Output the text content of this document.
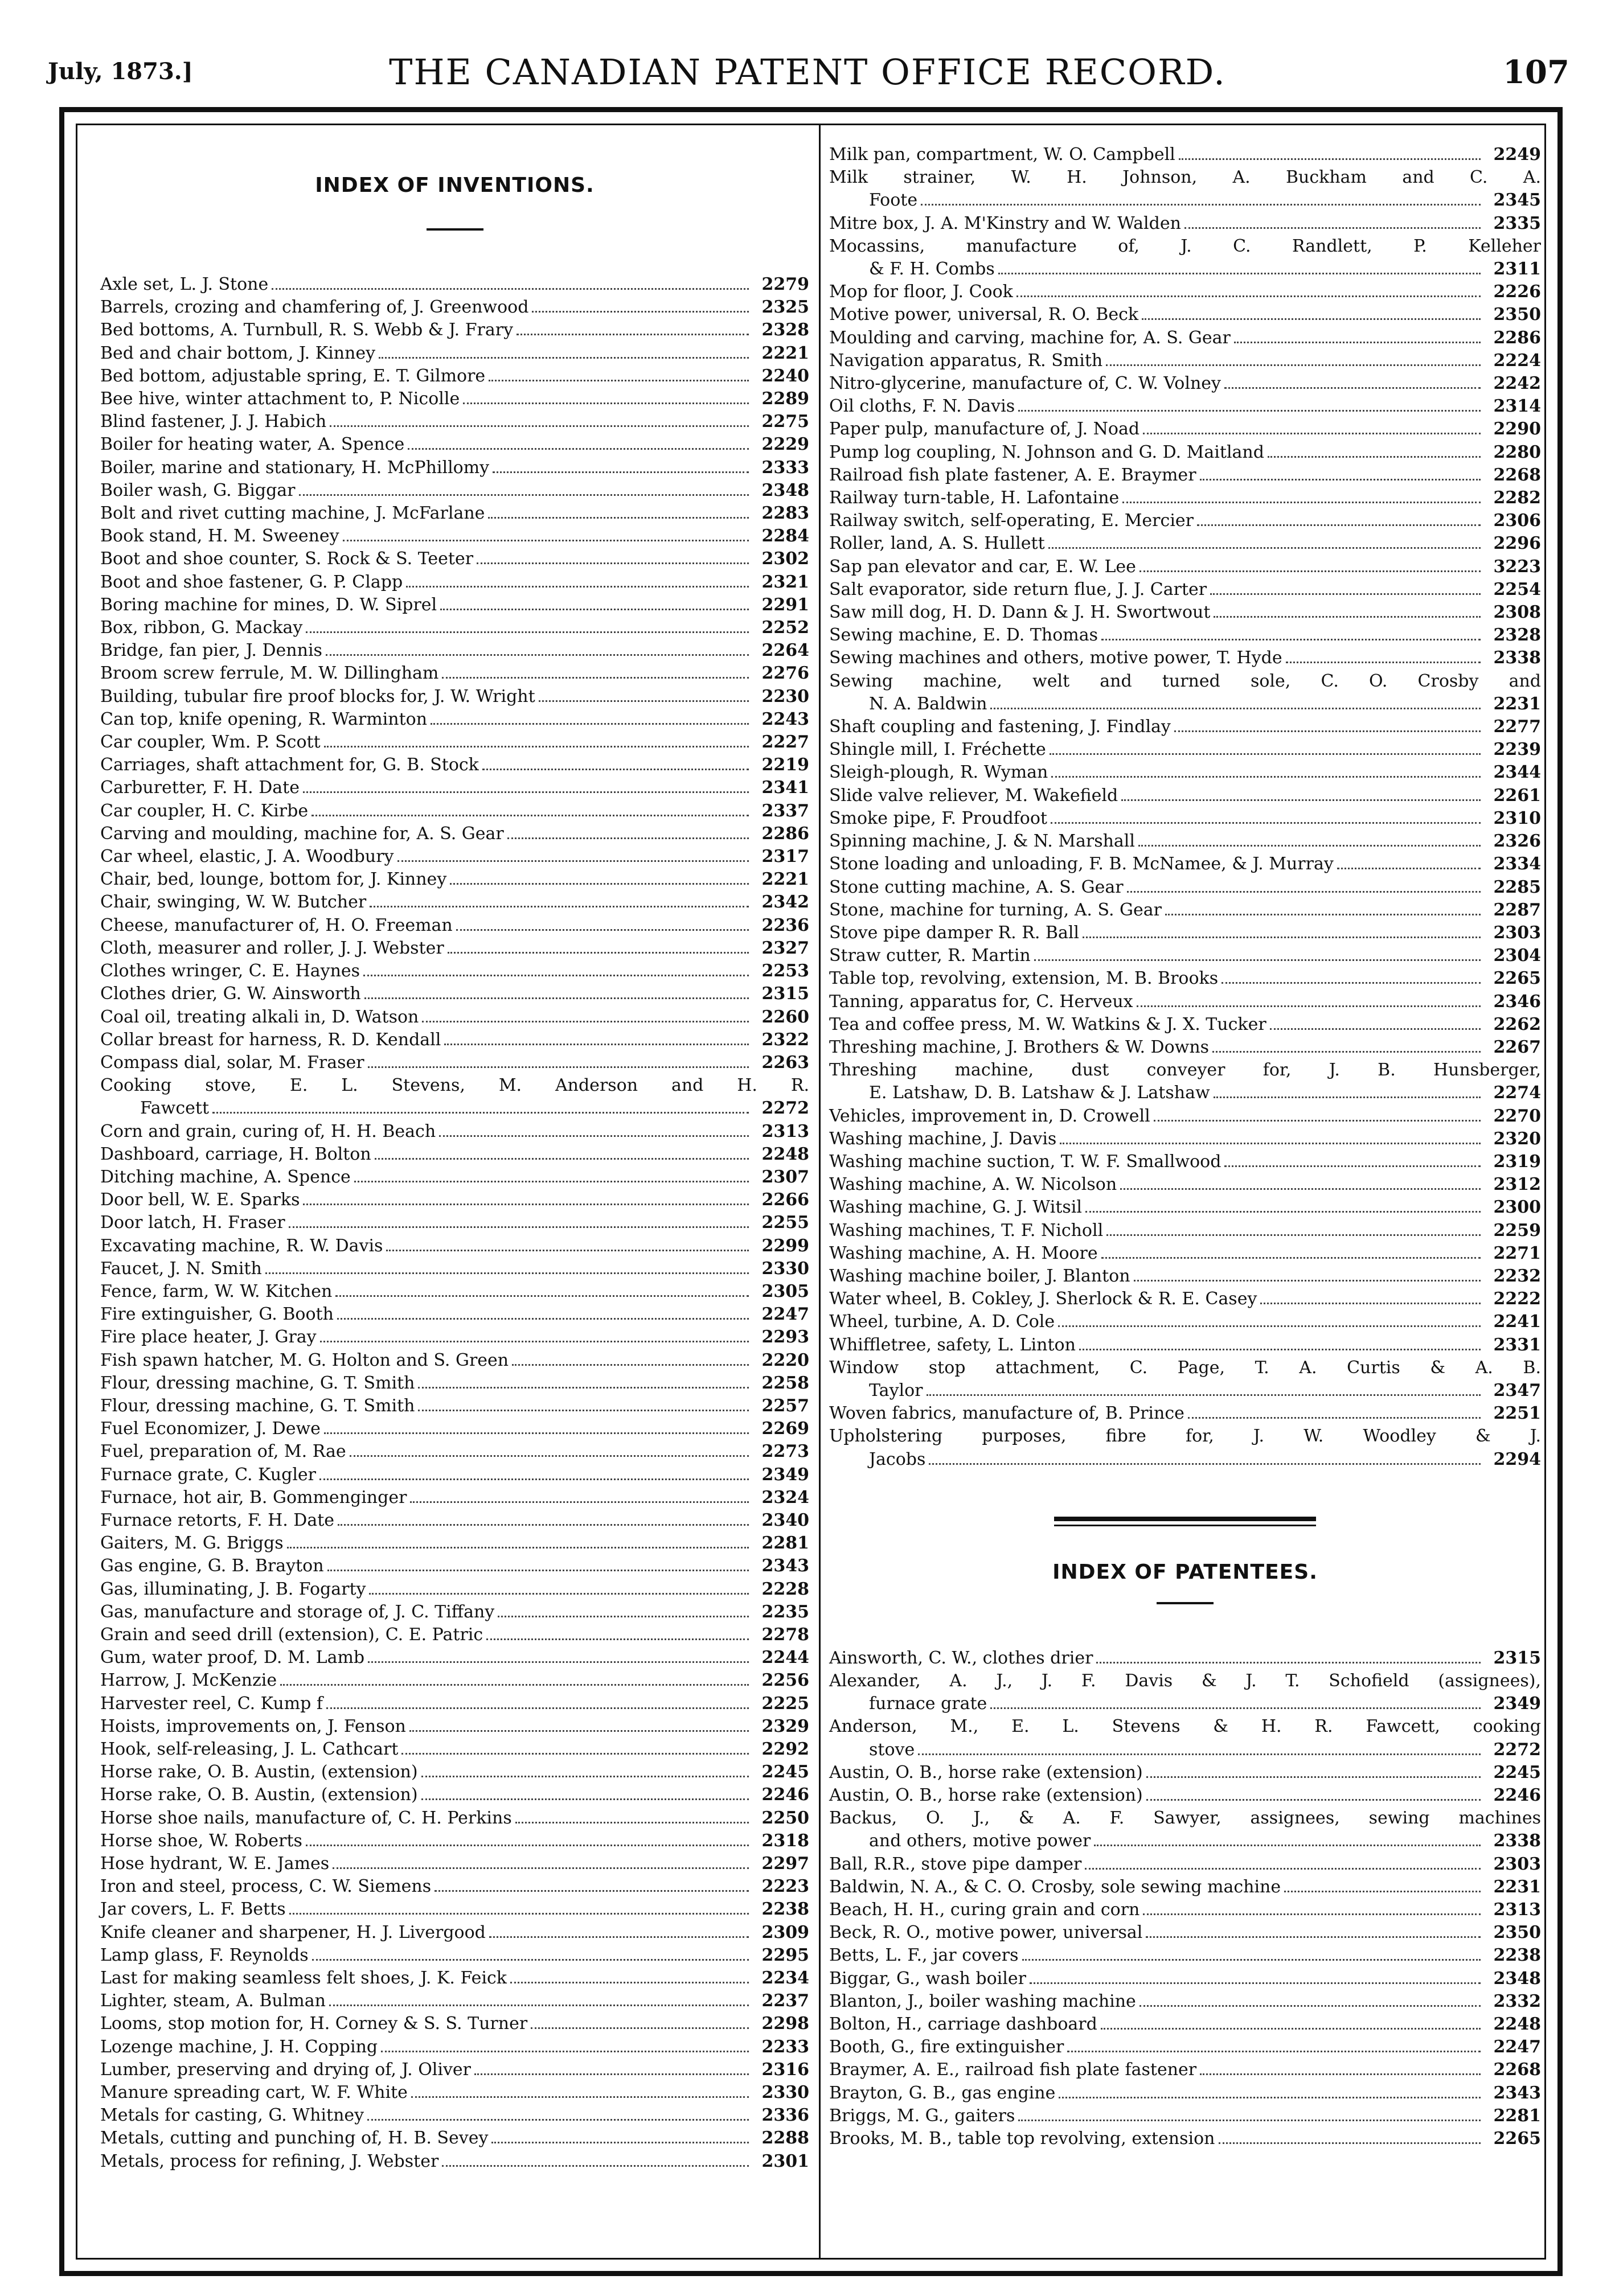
July, 1873.]	THE CANADIAN PATENT OFFICE RECORD.	107
INDEX OF INVENTIONS.
Axle set, L. J. Stone	2279
Barrels, crozing and chamfering of, J. Greenwood	2325
Bed bottoms, A. Turnbull, R. S. Webb & J. Frary	2328
Bed and chair bottom, J. Kinney	2221
Bed bottom, adjustable spring, E. T. Gilmore	2240
Bee hive, winter attachment to, P. Nicolle	2289
Blind fastener, J. J. Habich	2275
Boiler for heating water, A. Spence	2229
Boiler, marine and stationary, H. McPhillomy	2333
Boiler wash, G. Biggar	2348
Bolt and rivet cutting machine, J. McFarlane	2283
Book stand, H. M. Sweeney	2284
Boot and shoe counter, S. Rock & S. Teeter	2302
Boot and shoe fastener, G. P. Clapp	2321
Boring machine for mines, D. W. Siprel	2291
Box, ribbon, G. Mackay	2252
Bridge, fan pier, J. Dennis	2264
Broom screw ferrule, M. W. Dillingham	2276
Building, tubular fire proof blocks for, J. W. Wright	2230
Can top, knife opening, R. Warminton	2243
Car coupler, Wm. P. Scott	2227
Carriages, shaft attachment for, G. B. Stock	2219
Carburetter, F. H. Date	2341
Car coupler, H. C. Kirbe	2337
Carving and moulding, machine for, A. S. Gear	2286
Car wheel, elastic, J. A. Woodbury	2317
Chair, bed, lounge, bottom for, J. Kinney	2221
Chair, swinging, W. W. Butcher	2342
Cheese, manufacturer of, H. O. Freeman	2236
Cloth, measurer and roller, J. J. Webster	2327
Clothes wringer, C. E. Haynes	2253
Clothes drier, G. W. Ainsworth	2315
Coal oil, treating alkali in, D. Watson	2260
Collar breast for harness, R. D. Kendall	2322
Compass dial, solar, M. Fraser	2263
Cooking stove, E. L. Stevens, M. Anderson and H. R.
Fawcett	2272
Corn and grain, curing of, H. H. Beach	2313
Dashboard, carriage, H. Bolton	2248
Ditching machine, A. Spence	2307
Door bell, W. E. Sparks	2266
Door latch, H. Fraser	2255
Excavating machine, R. W. Davis	2299
Faucet, J. N. Smith	2330
Fence, farm, W. W. Kitchen	2305
Fire extinguisher, G. Booth	2247
Fire place heater, J. Gray	2293
Fish spawn hatcher, M. G. Holton and S. Green	2220
Flour, dressing machine, G. T. Smith	2258
Flour, dressing machine, G. T. Smith	2257
Fuel Economizer, J. Dewe	2269
Fuel, preparation of, M. Rae	2273
Furnace grate, C. Kugler	2349
Furnace, hot air, B. Gommenginger	2324
Furnace retorts, F. H. Date	2340
Gaiters, M. G. Briggs	2281
Gas engine, G. B. Brayton	2343
Gas, illuminating, J. B. Fogarty	2228
Gas, manufacture and storage of, J. C. Tiffany	2235
Grain and seed drill (extension), C. E. Patric	2278
Gum, water proof, D. M. Lamb	2244
Harrow, J. McKenzie	2256
Harvester reel, C. Kump f	2225
Hoists, improvements on, J. Fenson	2329
Hook, self-releasing, J. L. Cathcart	2292
Horse rake, O. B. Austin, (extension)	2245
Horse rake, O. B. Austin, (extension)	2246
Horse shoe nails, manufacture of, C. H. Perkins	2250
Horse shoe, W. Roberts	2318
Hose hydrant, W. E. James	2297
Iron and steel, process, C. W. Siemens	2223
Jar covers, L. F. Betts	2238
Knife cleaner and sharpener, H. J. Livergood	2309
Lamp glass, F. Reynolds	2295
Last for making seamless felt shoes, J. K. Feick	2234
Lighter, steam, A. Bulman	2237
Looms, stop motion for, H. Corney & S. S. Turner	2298
Lozenge machine, J. H. Copping	2233
Lumber, preserving and drying of, J. Oliver	2316
Manure spreading cart, W. F. White	2330
Metals for casting, G. Whitney	2336
Metals, cutting and punching of, H. B. Sevey	2288
Metals, process for refining, J. Webster	2301
Milk pan, compartment, W. O. Campbell	2249
Milk strainer, W. H. Johnson, A. Buckham and C. A.
Foote	2345
Mitre box, J. A. M'Kinstry and W. Walden	2335
Mocassins, manufacture of, J. C. Randlett, P. Kelleher
& F. H. Combs	2311
Mop for floor, J. Cook	2226
Motive power, universal, R. O. Beck	2350
Moulding and carving, machine for, A. S. Gear	2286
Navigation apparatus, R. Smith	2224
Nitro-glycerine, manufacture of, C. W. Volney	2242
Oil cloths, F. N. Davis	2314
Paper pulp, manufacture of, J. Noad	2290
Pump log coupling, N. Johnson and G. D. Maitland	2280
Railroad fish plate fastener, A. E. Braymer	2268
Railway turn-table, H. Lafontaine	2282
Railway switch, self-operating, E. Mercier	2306
Roller, land, A. S. Hullett	2296
Sap pan elevator and car, E. W. Lee	3223
Salt evaporator, side return flue, J. J. Carter	2254
Saw mill dog, H. D. Dann & J. H. Swortwout	2308
Sewing machine, E. D. Thomas	2328
Sewing machines and others, motive power, T. Hyde	2338
Sewing machine, welt and turned sole, C. O. Crosby and
N. A. Baldwin	2231
Shaft coupling and fastening, J. Findlay	2277
Shingle mill, I. Fréchette	2239
Sleigh-plough, R. Wyman	2344
Slide valve reliever, M. Wakefield	2261
Smoke pipe, F. Proudfoot	2310
Spinning machine, J. & N. Marshall	2326
Stone loading and unloading, F. B. McNamee, & J. Murray	2334
Stone cutting machine, A. S. Gear	2285
Stone, machine for turning, A. S. Gear	2287
Stove pipe damper R. R. Ball	2303
Straw cutter, R. Martin	2304
Table top, revolving, extension, M. B. Brooks	2265
Tanning, apparatus for, C. Herveux	2346
Tea and coffee press, M. W. Watkins & J. X. Tucker	2262
Threshing machine, J. Brothers & W. Downs	2267
Threshing machine, dust conveyer for, J. B. Hunsberger,
E. Latshaw, D. B. Latshaw & J. Latshaw	2274
Vehicles, improvement in, D. Crowell	2270
Washing machine, J. Davis	2320
Washing machine suction, T. W. F. Smallwood	2319
Washing machine, A. W. Nicolson	2312
Washing machine, G. J. Witsil	2300
Washing machines, T. F. Nicholl	2259
Washing machine, A. H. Moore	2271
Washing machine boiler, J. Blanton	2232
Water wheel, B. Cokley, J. Sherlock & R. E. Casey	2222
Wheel, turbine, A. D. Cole	2241
Whiffletree, safety, L. Linton	2331
Window stop attachment, C. Page, T. A. Curtis & A. B.
Taylor	2347
Woven fabrics, manufacture of, B. Prince	2251
Upholstering purposes, fibre for, J. W. Woodley & J.
Jacobs	2294
INDEX OF PATENTEES.
Ainsworth, C. W., clothes drier	2315
Alexander, A. J., J. F. Davis & J. T. Schofield (assignees),
furnace grate	2349
Anderson, M., E. L. Stevens & H. R. Fawcett, cooking
stove	2272
Austin, O. B., horse rake (extension)	2245
Austin, O. B., horse rake (extension)	2246
Backus, O. J., & A. F. Sawyer, assignees, sewing machines
and others, motive power	2338
Ball, R.R., stove pipe damper	2303
Baldwin, N. A., & C. O. Crosby, sole sewing machine	2231
Beach, H. H., curing grain and corn	2313
Beck, R. O., motive power, universal	2350
Betts, L. F., jar covers	2238
Biggar, G., wash boiler	2348
Blanton, J., boiler washing machine	2332
Bolton, H., carriage dashboard	2248
Booth, G., fire extinguisher	2247
Braymer, A. E., railroad fish plate fastener	2268
Brayton, G. B., gas engine	2343
Briggs, M. G., gaiters	2281
Brooks, M. B., table top revolving, extension	2265
